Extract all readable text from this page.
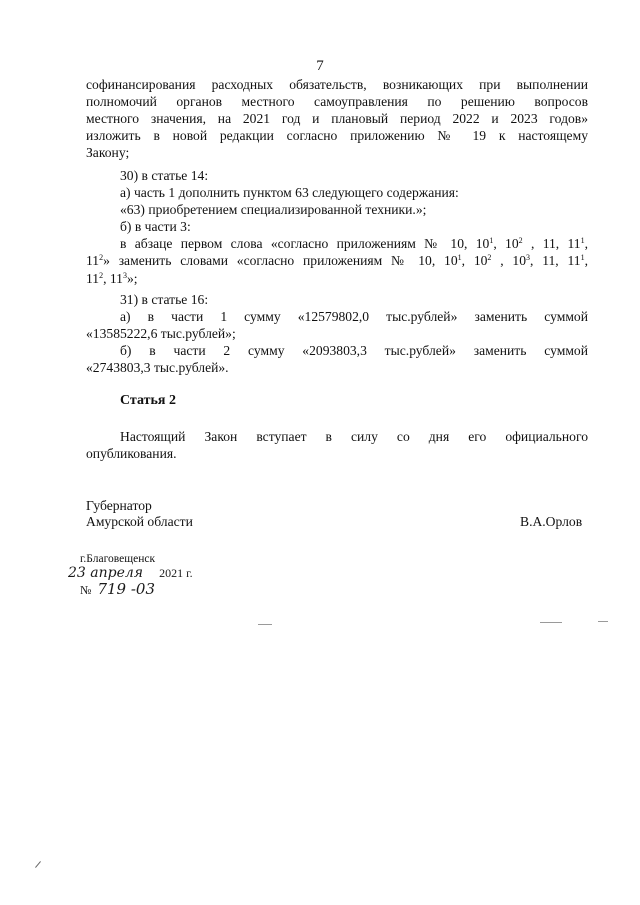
7
софинансирования расходных обязательств, возникающих при выполнении
полномочий органов местного самоуправления по решению вопросов
местного значения, на 2021 год и плановый период 2022 и 2023 годов»
изложить в новой редакции согласно приложению № 19 к настоящему
Закону;
30) в статье 14:
а) часть 1 дополнить пунктом 63 следующего содержания:
«63) приобретением специализированной техники.»;
б) в части 3:
в абзаце первом слова «согласно приложениям № 10, $10^1$, $10^2$ , 11, $11^1$,
$11^2$» заменить словами «согласно приложениям № 10, $10^1$, $10^2$ , $10^3$, 11, $11^1$,
$11^2$, $11^3$»;
31) в статье 16:
а) в части 1 сумму «12579802,0 тыс.рублей» заменить суммой
«13585222,6 тыс.рублей»;
б) в части 2 сумму «2093803,3 тыс.рублей» заменить суммой
«2743803,3 тыс.рублей».
Статья 2
Настоящий Закон вступает в силу со дня его официального
опубликования.
Губернатор
Амурской области	В.А.Орлов
г.Благовещенск
23 апреля 2021 г.
№ 719 -03
